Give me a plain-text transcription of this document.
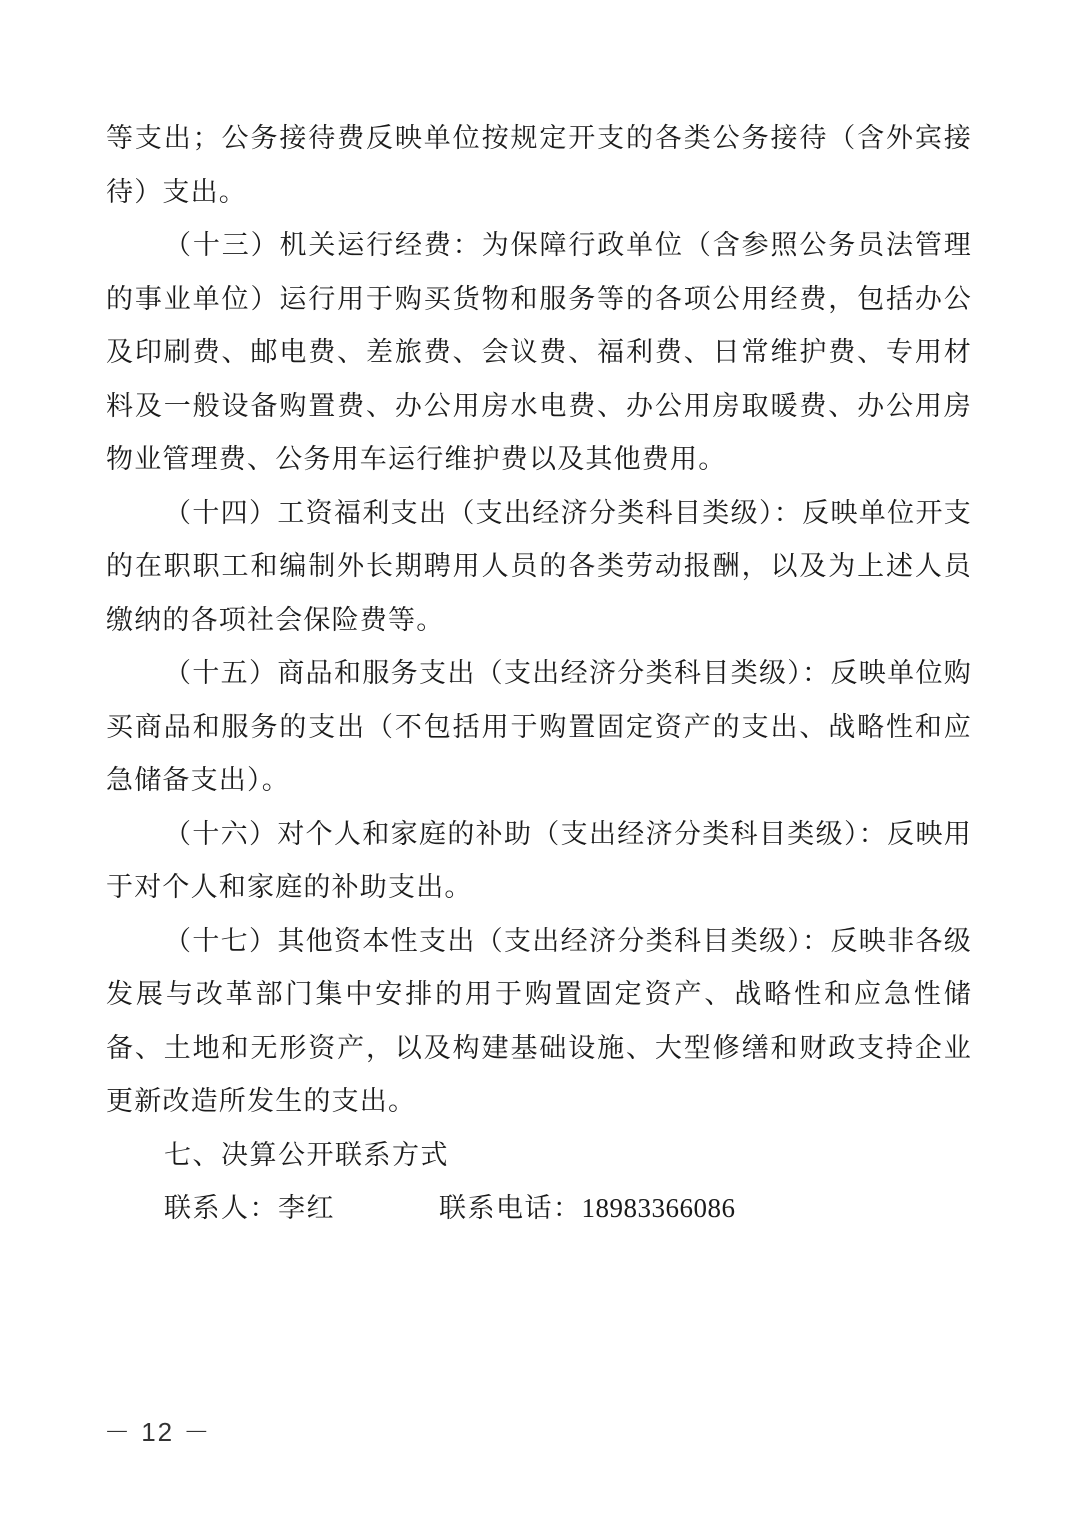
等支出；公务接待费反映单位按规定开支的各类公务接待（含外宾接待）支出。

（十三）机关运行经费：为保障行政单位（含参照公务员法管理的事业单位）运行用于购买货物和服务等的各项公用经费，包括办公及印刷费、邮电费、差旅费、会议费、福利费、日常维护费、专用材料及一般设备购置费、办公用房水电费、办公用房取暖费、办公用房物业管理费、公务用车运行维护费以及其他费用。

（十四）工资福利支出（支出经济分类科目类级）：反映单位开支的在职职工和编制外长期聘用人员的各类劳动报酬，以及为上述人员缴纳的各项社会保险费等。

（十五）商品和服务支出（支出经济分类科目类级）：反映单位购买商品和服务的支出（不包括用于购置固定资产的支出、战略性和应急储备支出）。

（十六）对个人和家庭的补助（支出经济分类科目类级）：反映用于对个人和家庭的补助支出。

（十七）其他资本性支出（支出经济分类科目类级）：反映非各级发展与改革部门集中安排的用于购置固定资产、战略性和应急性储备、土地和无形资产，以及构建基础设施、大型修缮和财政支持企业更新改造所发生的支出。

七、决算公开联系方式

联系人：李红	联系电话：18983366086

－ 12 －
